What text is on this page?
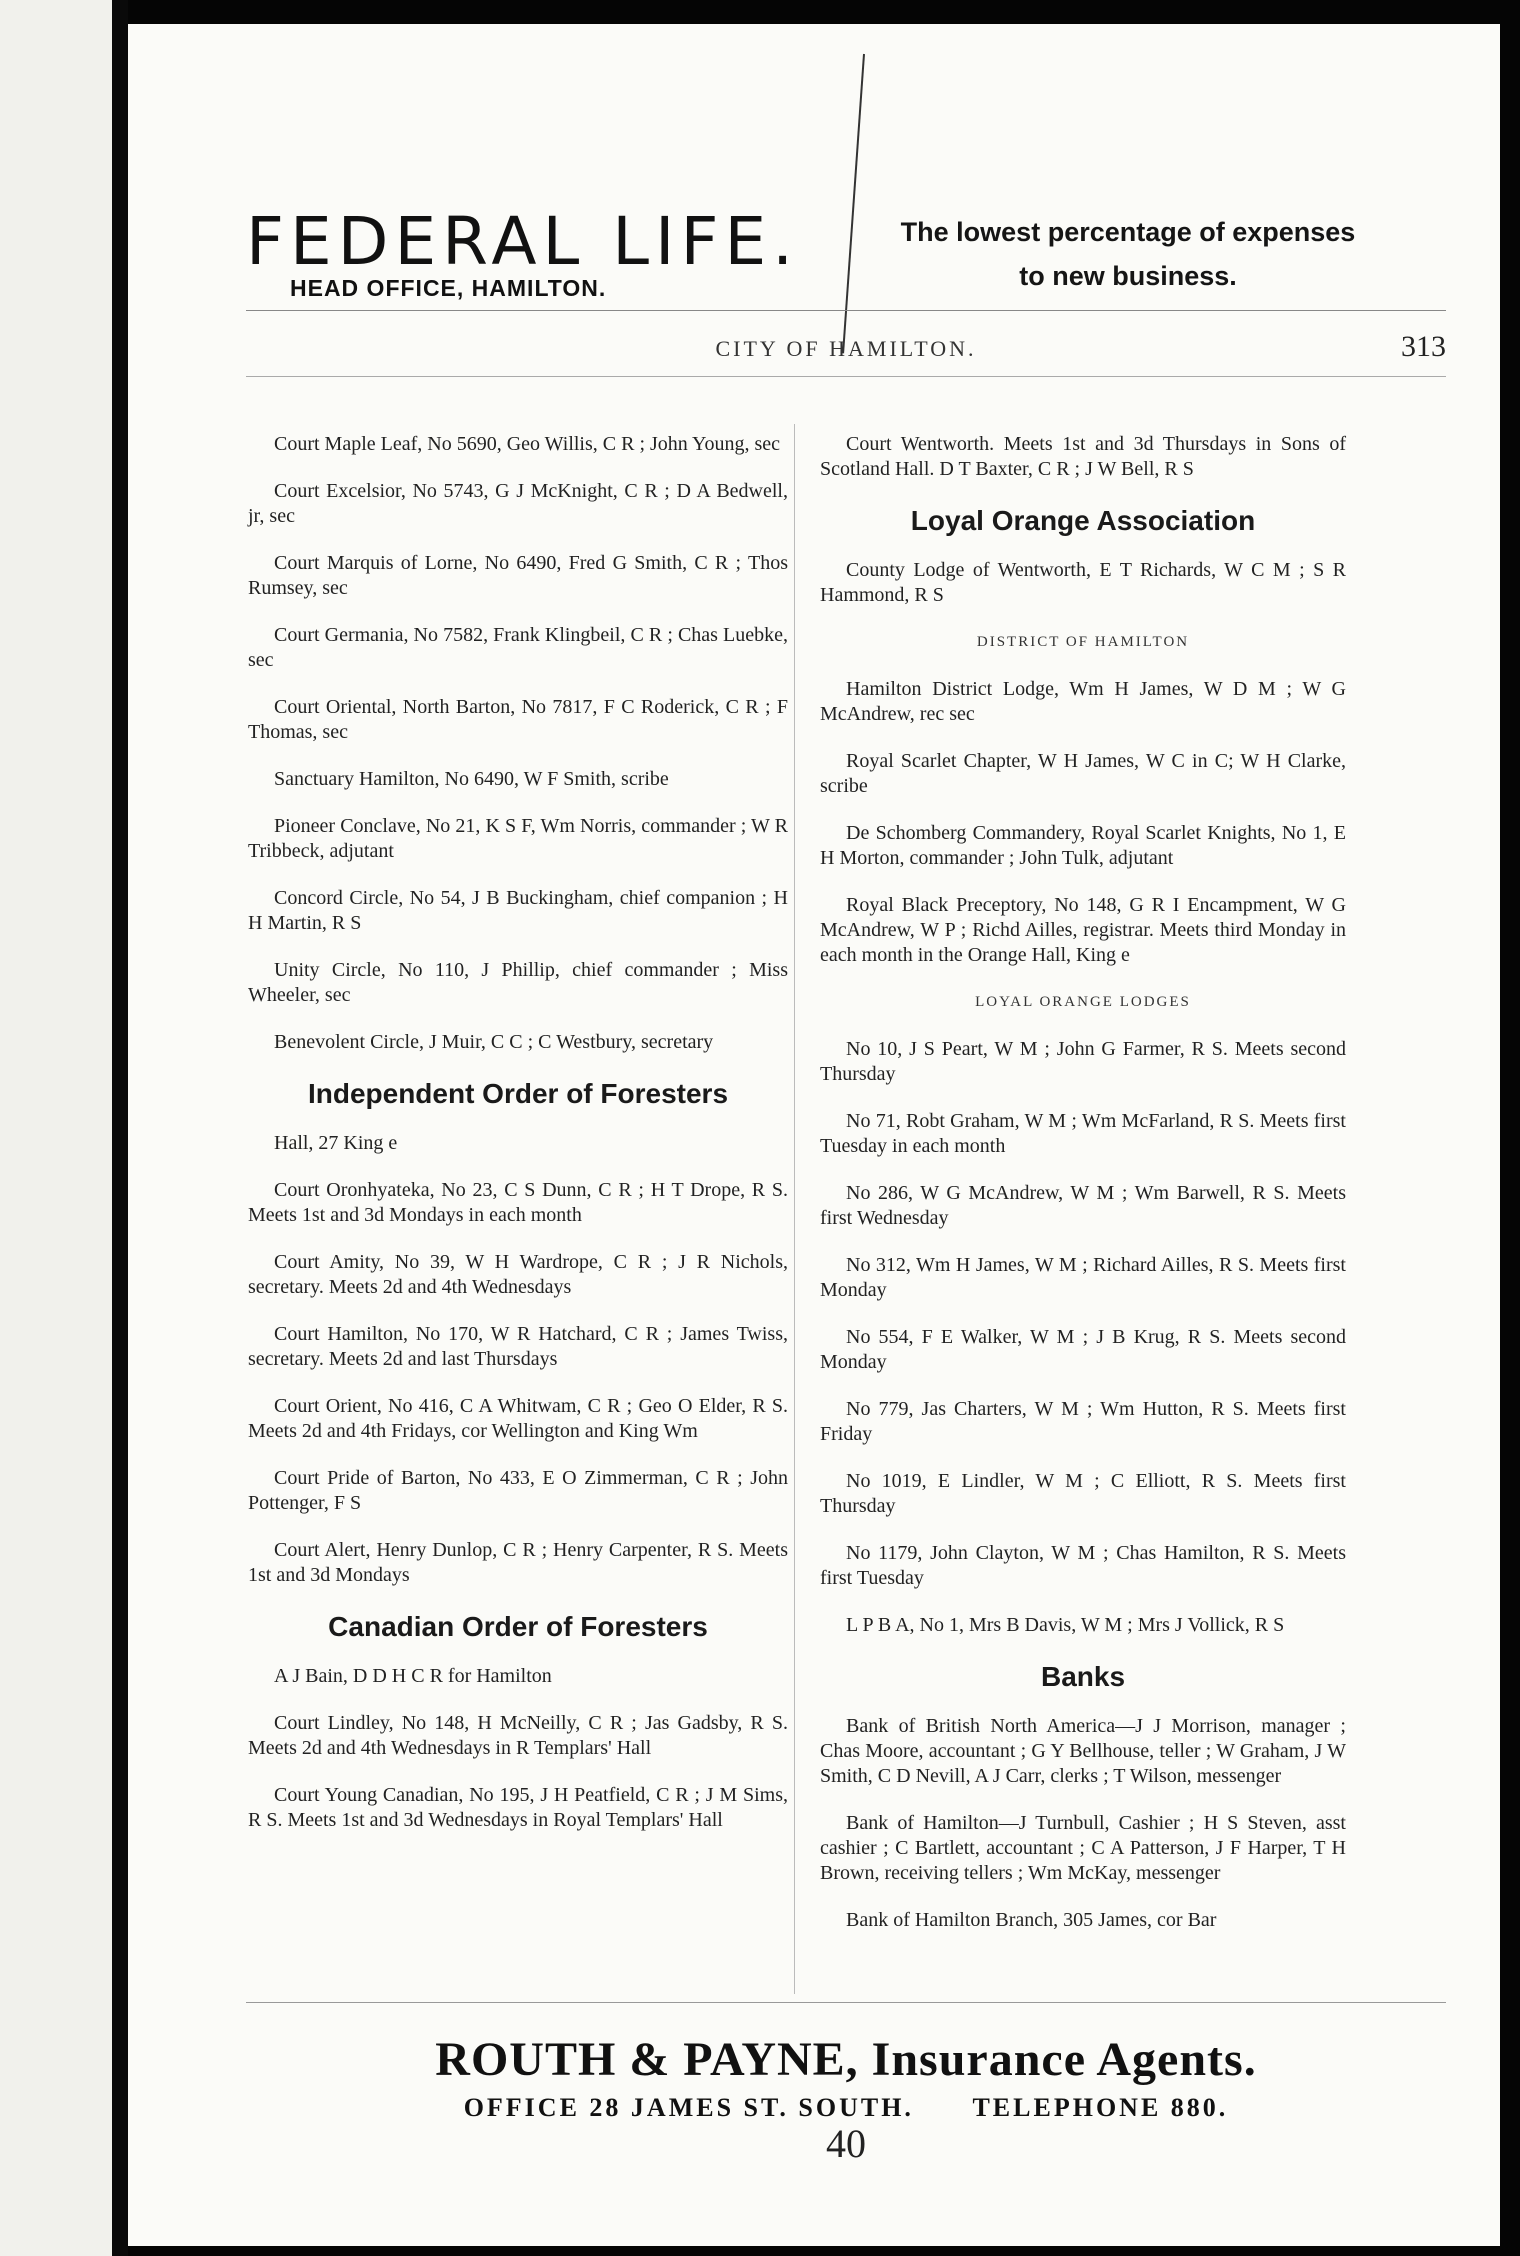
FEDERAL LIFE.
HEAD OFFICE, HAMILTON.
The lowest percentage of expenses
to new business.
CITY OF HAMILTON.	313

Court Maple Leaf, No 5690, Geo Willis, C R ; John Young, sec

Court Excelsior, No 5743, G J McKnight, C R ; D A Bedwell, jr, sec

Court Marquis of Lorne, No 6490, Fred G Smith, C R ; Thos Rumsey, sec

Court Germania, No 7582, Frank Klingbeil, C R ; Chas Luebke, sec

Court Oriental, North Barton, No 7817, F C Roderick, C R ; F Thomas, sec

Sanctuary Hamilton, No 6490, W F Smith, scribe

Pioneer Conclave, No 21, K S F, Wm Norris, commander ; W R Tribbeck, adjutant

Concord Circle, No 54, J B Buckingham, chief companion ; H H Martin, R S

Unity Circle, No 110, J Phillip, chief commander ; Miss Wheeler, sec

Benevolent Circle, J Muir, C C ; C Westbury, secretary

Independent Order of Foresters

Hall, 27 King e

Court Oronhyateka, No 23, C S Dunn, C R ; H T Drope, R S. Meets 1st and 3d Mondays in each month

Court Amity, No 39, W H Wardrope, C R ; J R Nichols, secretary. Meets 2d and 4th Wednesdays

Court Hamilton, No 170, W R Hatchard, C R ; James Twiss, secretary. Meets 2d and last Thursdays

Court Orient, No 416, C A Whitwam, C R ; Geo O Elder, R S. Meets 2d and 4th Fridays, cor Wellington and King Wm

Court Pride of Barton, No 433, E O Zimmerman, C R ; John Pottenger, F S

Court Alert, Henry Dunlop, C R ; Henry Carpenter, R S. Meets 1st and 3d Mondays

Canadian Order of Foresters

A J Bain, D D H C R for Hamilton

Court Lindley, No 148, H McNeilly, C R ; Jas Gadsby, R S. Meets 2d and 4th Wednesdays in R Templars' Hall

Court Young Canadian, No 195, J H Peatfield, C R ; J M Sims, R S. Meets 1st and 3d Wednesdays in Royal Templars' Hall

Court Wentworth. Meets 1st and 3d Thursdays in Sons of Scotland Hall. D T Baxter, C R ; J W Bell, R S

Loyal Orange Association

County Lodge of Wentworth, E T Richards, W C M ; S R Hammond, R S

DISTRICT OF HAMILTON

Hamilton District Lodge, Wm H James, W D M ; W G McAndrew, rec sec

Royal Scarlet Chapter, W H James, W C in C; W H Clarke, scribe

De Schomberg Commandery, Royal Scarlet Knights, No 1, E H Morton, commander ; John Tulk, adjutant

Royal Black Preceptory, No 148, G R I Encampment, W G McAndrew, W P ; Richd Ailles, registrar. Meets third Monday in each month in the Orange Hall, King e

LOYAL ORANGE LODGES

No 10, J S Peart, W M ; John G Farmer, R S. Meets second Thursday

No 71, Robt Graham, W M ; Wm McFarland, R S. Meets first Tuesday in each month

No 286, W G McAndrew, W M ; Wm Barwell, R S. Meets first Wednesday

No 312, Wm H James, W M ; Richard Ailles, R S. Meets first Monday

No 554, F E Walker, W M ; J B Krug, R S. Meets second Monday

No 779, Jas Charters, W M ; Wm Hutton, R S. Meets first Friday

No 1019, E Lindler, W M ; C Elliott, R S. Meets first Thursday

No 1179, John Clayton, W M ; Chas Hamilton, R S. Meets first Tuesday

L P B A, No 1, Mrs B Davis, W M ; Mrs J Vollick, R S

Banks

Bank of British North America—J J Morrison, manager ; Chas Moore, accountant ; G Y Bellhouse, teller ; W Graham, J W Smith, C D Nevill, A J Carr, clerks ; T Wilson, messenger

Bank of Hamilton—J Turnbull, Cashier ; H S Steven, asst cashier ; C Bartlett, accountant ; C A Patterson, J F Harper, T H Brown, receiving tellers ; Wm McKay, messenger

Bank of Hamilton Branch, 305 James, cor Bar

ROUTH & PAYNE, Insurance Agents.
OFFICE 28 JAMES ST. SOUTH. TELEPHONE 880.
40
